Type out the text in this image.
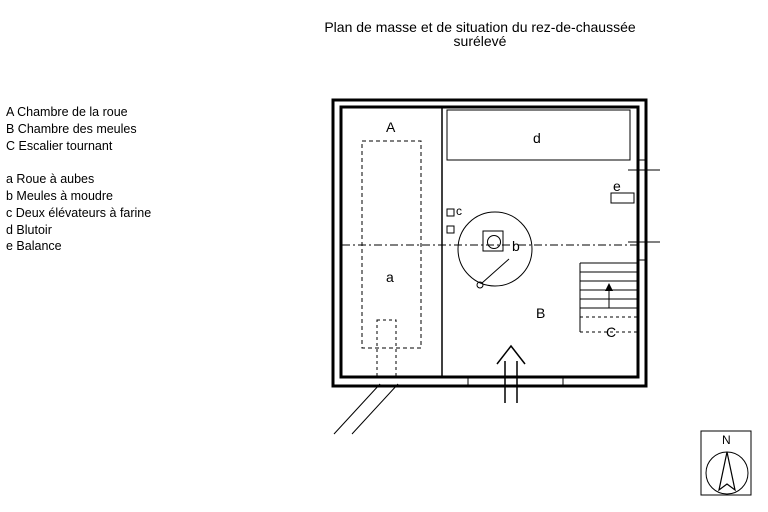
Plan de masse et de situation du rez-de-chaussée
surélevé
A Chambre de la roue
B Chambre des meules
C Escalier tournant
a Roue à aubes
b Meules à moudre
c Deux élévateurs à farine
d Blutoir
e Balance
A
B
C
a
b
c
d
e
N
